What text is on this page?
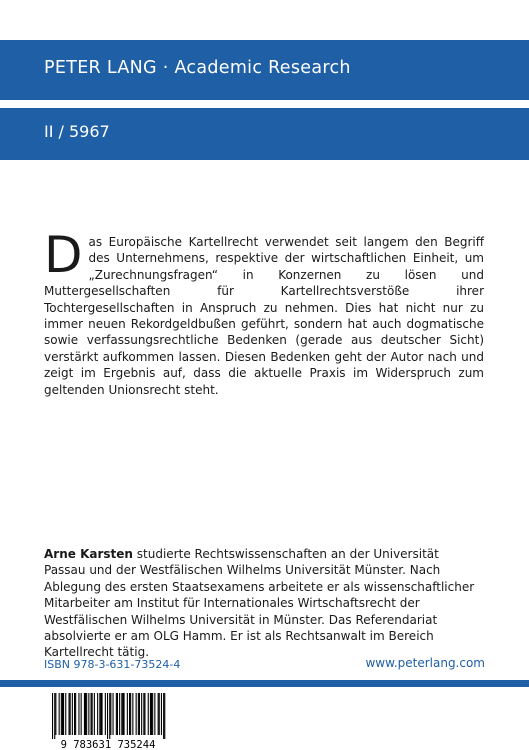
PETER LANG · Academic Research
II / 5967
Das Europäische Kartellrecht verwendet seit langem den Begriff des Unternehmens, respektive der wirtschaftlichen Einheit, um „Zurechnungsfragen“ in Konzernen zu lösen und Muttergesellschaften für Kartellrechtsverstöße ihrer Tochtergesellschaften in Anspruch zu nehmen. Dies hat nicht nur zu immer neuen Rekordgeldbußen geführt, sondern hat auch dogmatische sowie verfassungsrechtliche Bedenken (gerade aus deutscher Sicht) verstärkt aufkommen lassen. Diesen Bedenken geht der Autor nach und zeigt im Ergebnis auf, dass die aktuelle Praxis im Widerspruch zum geltenden Unionsrecht steht.
Arne Karsten studierte Rechtswissenschaften an der Universität Passau und der Westfälischen Wilhelms Universität Münster. Nach Ablegung des ersten Staatsexamens arbeitete er als wissenschaftlicher Mitarbeiter am Institut für Internationales Wirtschaftsrecht der Westfälischen Wilhelms Universität in Münster. Das Referendariat absolvierte er am OLG Hamm. Er ist als Rechtsanwalt im Bereich Kartellrecht tätig.
ISBN 978-3-631-73524-4	www.peterlang.com
9 783631 735244
